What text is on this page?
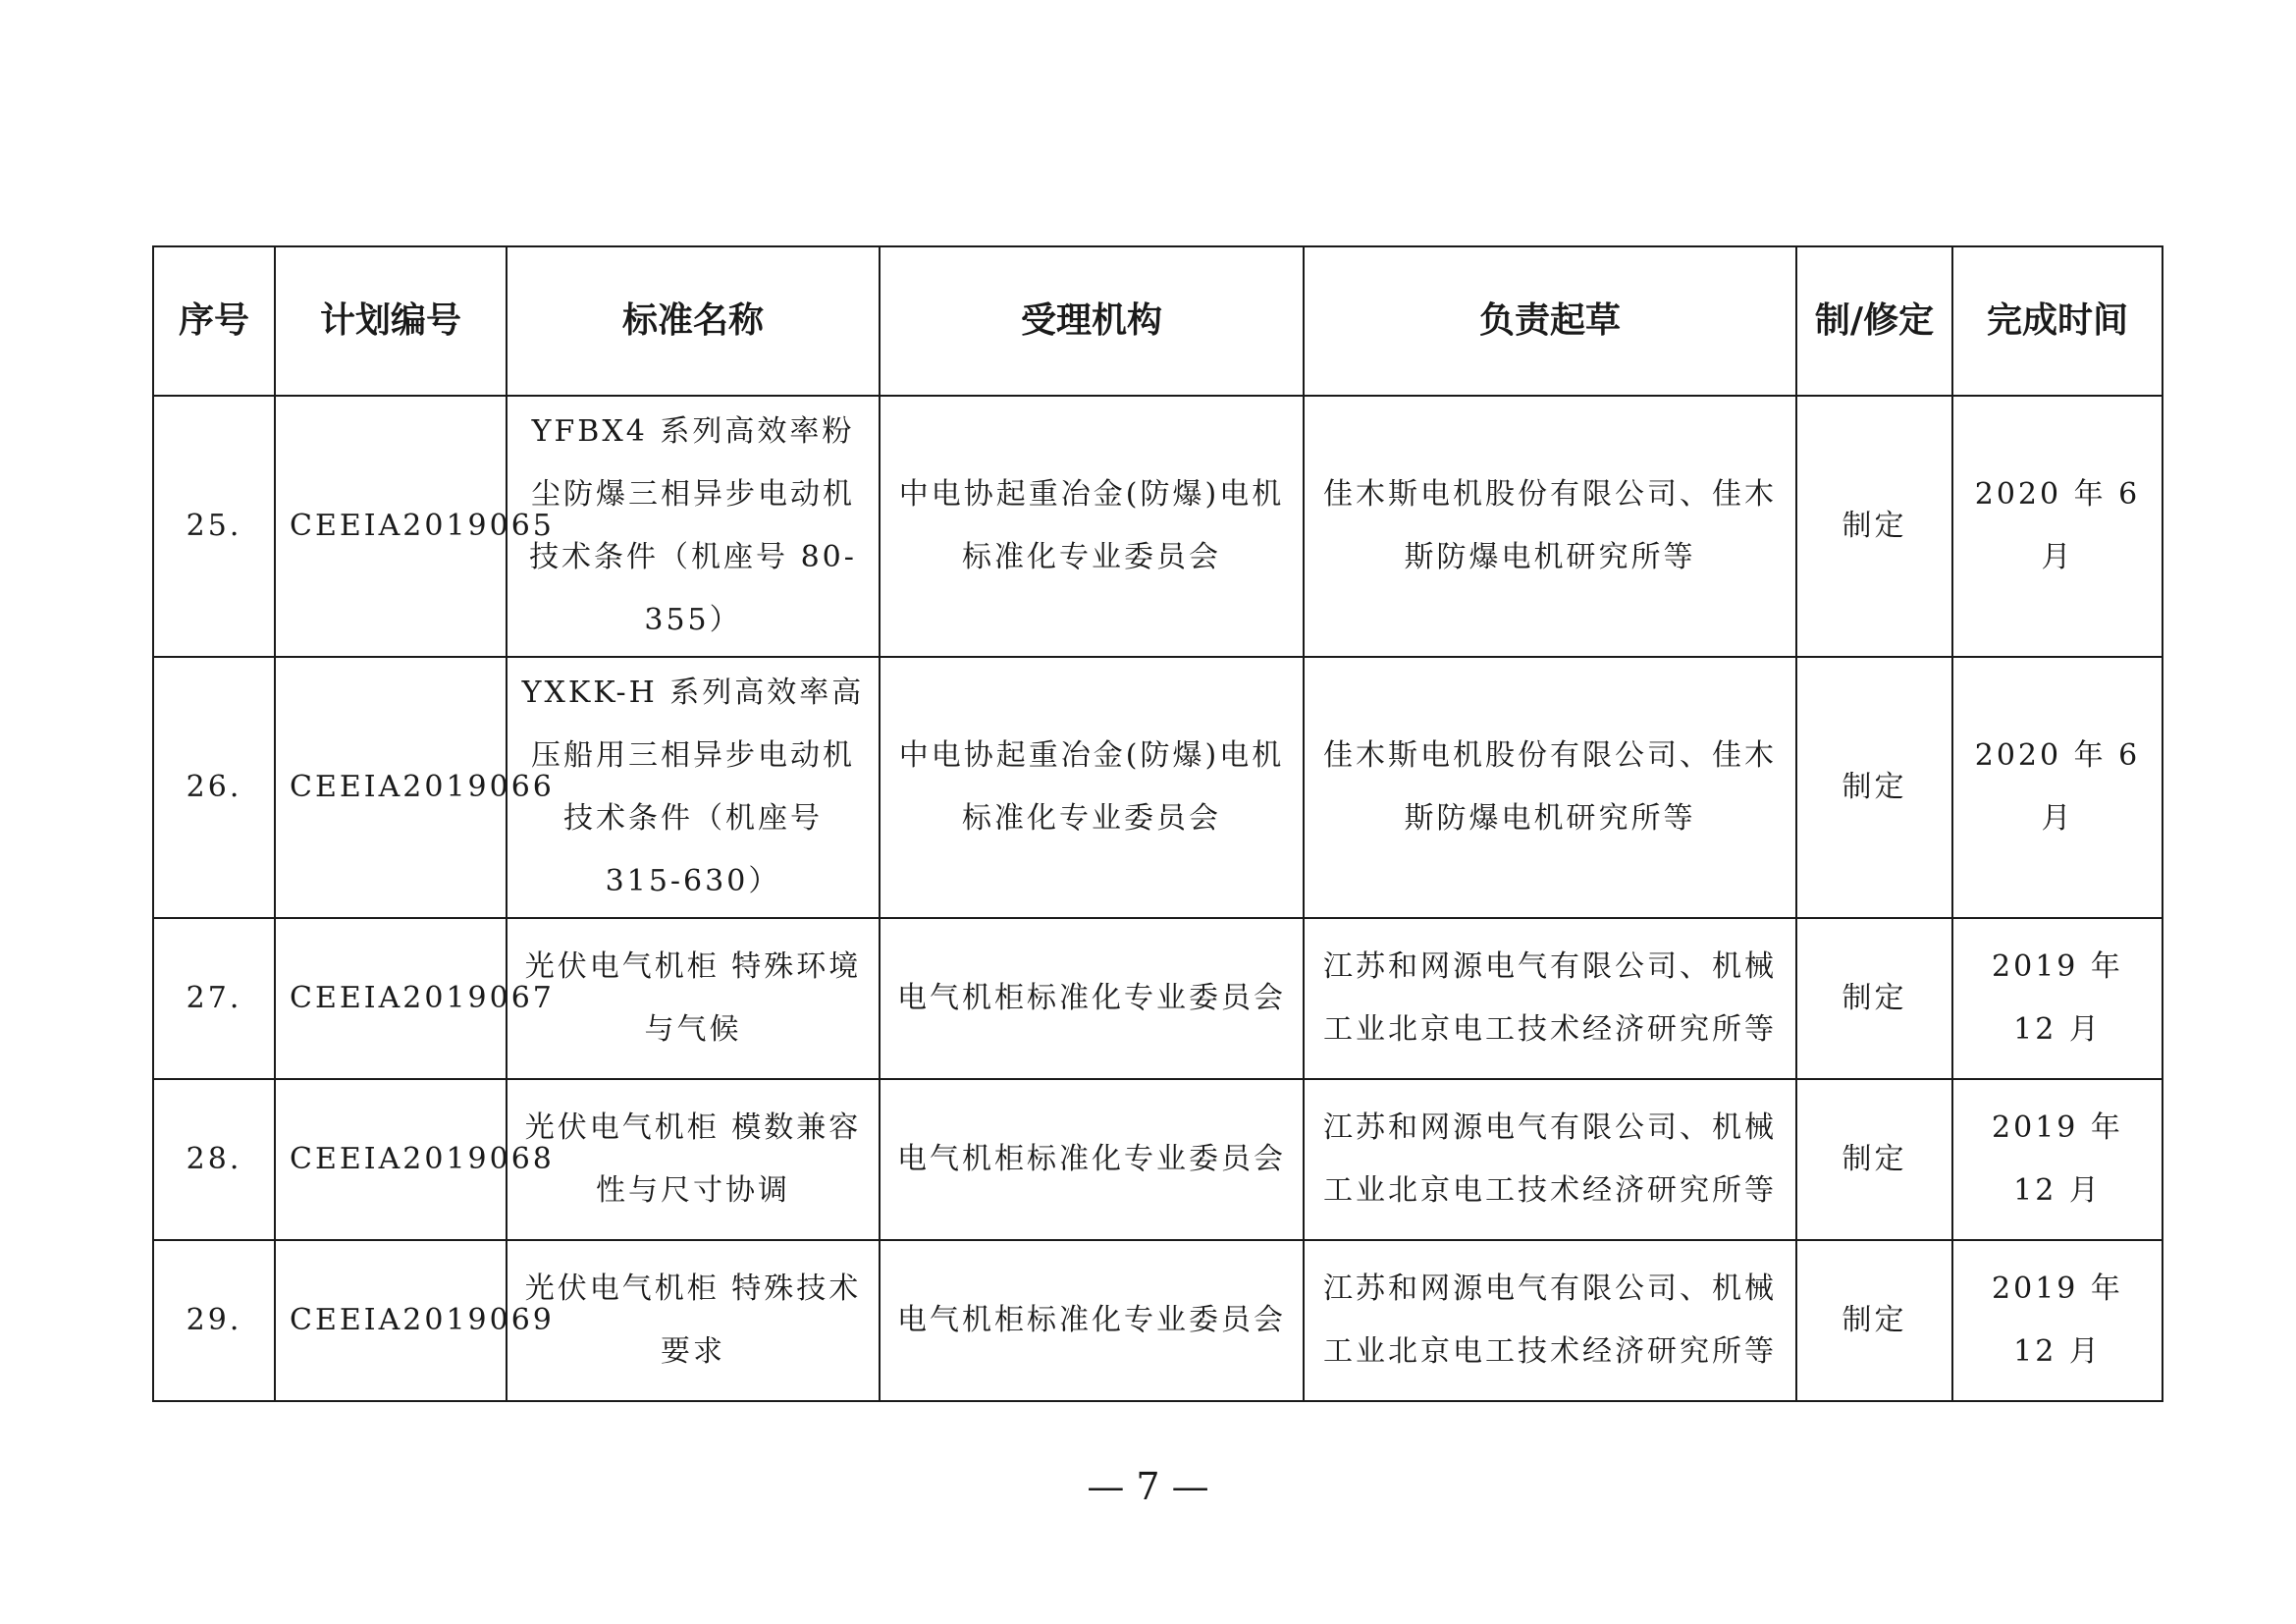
序号	计划编号	标准名称	受理机构	负责起草	制/修定	完成时间
25.	CEEIA2019065	YFBX4 系列高效率粉尘防爆三相异步电动机技术条件（机座号 80-355）	中电协起重冶金(防爆)电机标准化专业委员会	佳木斯电机股份有限公司、佳木斯防爆电机研究所等	制定	2020 年 6 月
26.	CEEIA2019066	YXKK-H 系列高效率高压船用三相异步电动机技术条件（机座号 315-630）	中电协起重冶金(防爆)电机标准化专业委员会	佳木斯电机股份有限公司、佳木斯防爆电机研究所等	制定	2020 年 6 月
27.	CEEIA2019067	光伏电气机柜 特殊环境与气候	电气机柜标准化专业委员会	江苏和网源电气有限公司、机械工业北京电工技术经济研究所等	制定	2019 年 12 月
28.	CEEIA2019068	光伏电气机柜 模数兼容性与尺寸协调	电气机柜标准化专业委员会	江苏和网源电气有限公司、机械工业北京电工技术经济研究所等	制定	2019 年 12 月
29.	CEEIA2019069	光伏电气机柜 特殊技术要求	电气机柜标准化专业委员会	江苏和网源电气有限公司、机械工业北京电工技术经济研究所等	制定	2019 年 12 月
— 7 —
